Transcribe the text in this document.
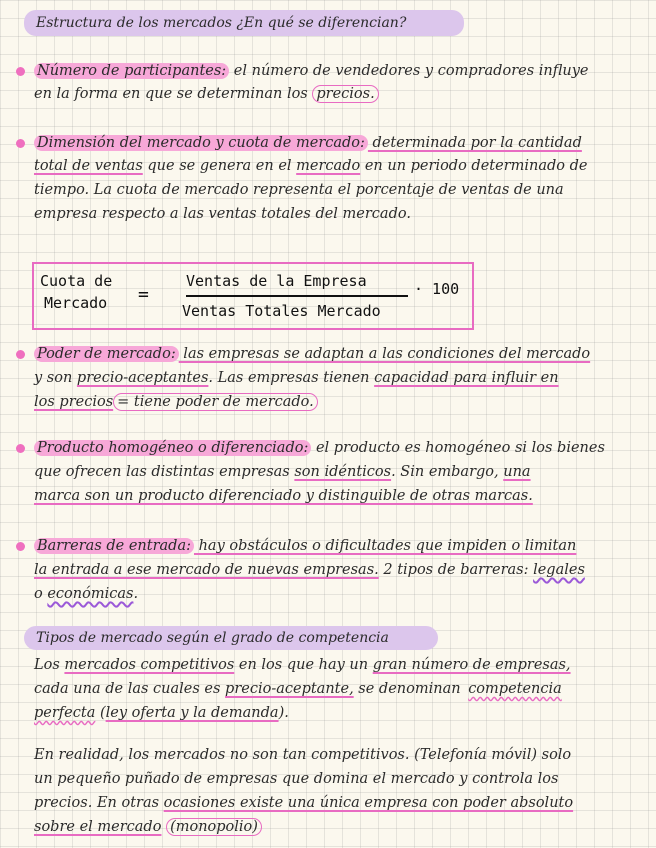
Estructura de los mercados ¿En qué se diferencian?
Número de participantes: el número de vendedores y compradores influye
en la forma en que se determinan los precios.
Dimensión del mercado y cuota de mercado: determinada por la cantidad
total de ventas que se genera en el mercado en un periodo determinado de
tiempo. La cuota de mercado representa el porcentaje de ventas de una
empresa respecto a las ventas totales del mercado.
Cuota de
Mercado =
Ventas de la Empresa
Ventas Totales Mercado
· 100
Poder de mercado: las empresas se adaptan a las condiciones del mercado
y son precio-aceptantes. Las empresas tienen capacidad para influir en
los precios = tiene poder de mercado.
Producto homogéneo o diferenciado: el producto es homogéneo si los bienes
que ofrecen las distintas empresas son idénticos. Sin embargo, una
marca son un producto diferenciado y distinguible de otras marcas.
Barreras de entrada: hay obstáculos o dificultades que impiden o limitan
la entrada a ese mercado de nuevas empresas. 2 tipos de barreras: legales
o económicas.
Tipos de mercado según el grado de competencia
Los mercados competitivos en los que hay un gran número de empresas,
cada una de las cuales es precio-aceptante, se denominan competencia
perfecta (ley oferta y la demanda).
En realidad, los mercados no son tan competitivos. (Telefonía móvil) solo
un pequeño puñado de empresas que domina el mercado y controla los
precios. En otras ocasiones existe una única empresa con poder absoluto
sobre el mercado (monopolio)
